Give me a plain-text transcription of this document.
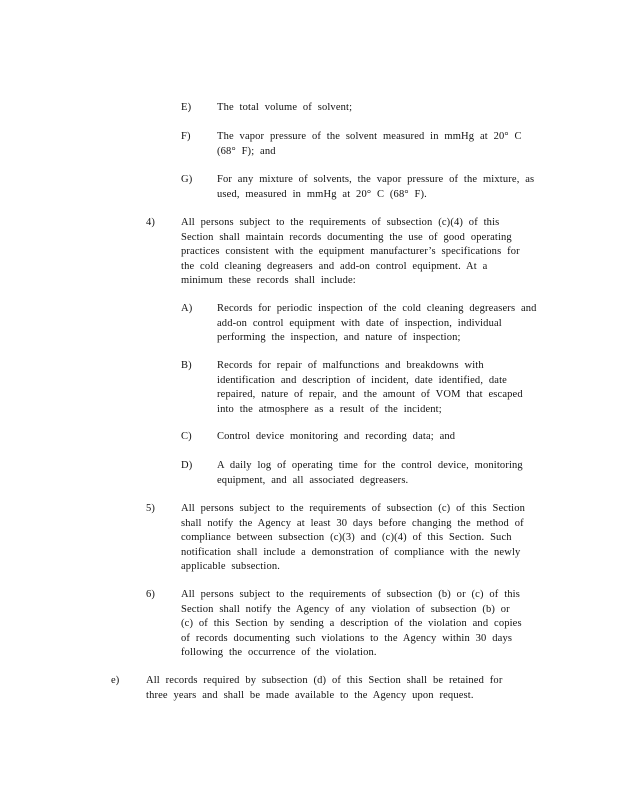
E) The total volume of solvent;
F)	The vapor pressure of the solvent measured in mmHg at 20° C (68° F); and
G) For any mixture of solvents, the vapor pressure of the mixture, as used, measured in mmHg at 20° C (68° F).
4) All persons subject to the requirements of subsection (c)(4) of this Section shall maintain records documenting the use of good operating practices consistent with the equipment manufacturer’s specifications for the cold cleaning degreasers and add-on control equipment. At a minimum these records shall include:
A) Records for periodic inspection of the cold cleaning degreasers and add-on control equipment with date of inspection, individual performing the inspection, and nature of inspection;
B) Records for repair of malfunctions and breakdowns with identification and description of incident, date identified, date repaired, nature of repair, and the amount of VOM that escaped into the atmosphere as a result of the incident;
C) Control device monitoring and recording data; and
D) A daily log of operating time for the control device, monitoring equipment, and all associated degreasers.
5) All persons subject to the requirements of subsection (c) of this Section shall notify the Agency at least 30 days before changing the method of compliance between subsection (c)(3) and (c)(4) of this Section. Such notification shall include a demonstration of compliance with the newly applicable subsection.
6) All persons subject to the requirements of subsection (b) or (c) of this Section shall notify the Agency of any violation of subsection (b) or (c) of this Section by sending a description of the violation and copies of records documenting such violations to the Agency within 30 days following the occurrence of the violation.
e)	All records required by subsection (d) of this Section shall be retained for three years and shall be made available to the Agency upon request.
